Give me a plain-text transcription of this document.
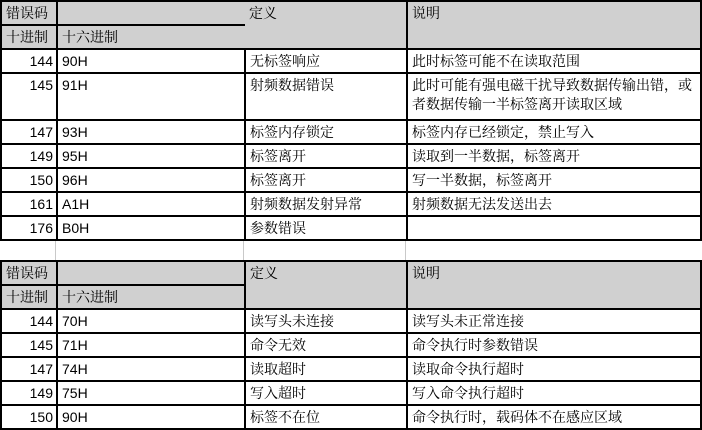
错误码		定义	说明
十进制	十六进制		
144	90H	无标签响应	此时标签可能不在读取范围
145	91H	射频数据错误	此时可能有强电磁干扰导致数据传输出错，或者数据传输一半标签离开读取区域
147	93H	标签内存锁定	标签内存已经锁定，禁止写入
149	95H	标签离开	读取到一半数据，标签离开
150	96H	标签离开	写一半数据，标签离开
161	A1H	射频数据发射异常	射频数据无法发送出去
176	B0H	参数错误	
错误码		定义	说明
十进制	十六进制		
144	70H	读写头未连接	读写头未正常连接
145	71H	命令无效	命令执行时参数错误
147	74H	读取超时	读取命令执行超时
149	75H	写入超时	写入命令执行超时
150	90H	标签不在位	命令执行时，载码体不在感应区域
